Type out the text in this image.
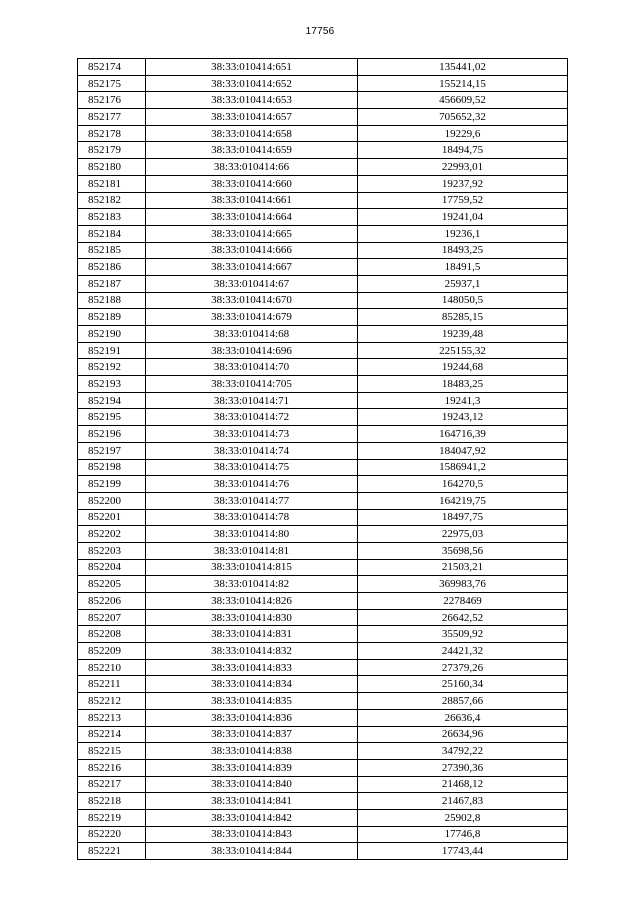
17756
852174	38:33:010414:651	135441,02
852175	38:33:010414:652	155214,15
852176	38:33:010414:653	456609,52
852177	38:33:010414:657	705652,32
852178	38:33:010414:658	19229,6
852179	38:33:010414:659	18494,75
852180	38:33:010414:66	22993,01
852181	38:33:010414:660	19237,92
852182	38:33:010414:661	17759,52
852183	38:33:010414:664	19241,04
852184	38:33:010414:665	19236,1
852185	38:33:010414:666	18493,25
852186	38:33:010414:667	18491,5
852187	38:33:010414:67	25937,1
852188	38:33:010414:670	148050,5
852189	38:33:010414:679	85285,15
852190	38:33:010414:68	19239,48
852191	38:33:010414:696	225155,32
852192	38:33:010414:70	19244,68
852193	38:33:010414:705	18483,25
852194	38:33:010414:71	19241,3
852195	38:33:010414:72	19243,12
852196	38:33:010414:73	164716,39
852197	38:33:010414:74	184047,92
852198	38:33:010414:75	1586941,2
852199	38:33:010414:76	164270,5
852200	38:33:010414:77	164219,75
852201	38:33:010414:78	18497,75
852202	38:33:010414:80	22975,03
852203	38:33:010414:81	35698,56
852204	38:33:010414:815	21503,21
852205	38:33:010414:82	369983,76
852206	38:33:010414:826	2278469
852207	38:33:010414:830	26642,52
852208	38:33:010414:831	35509,92
852209	38:33:010414:832	24421,32
852210	38:33:010414:833	27379,26
852211	38:33:010414:834	25160,34
852212	38:33:010414:835	28857,66
852213	38:33:010414:836	26636,4
852214	38:33:010414:837	26634,96
852215	38:33:010414:838	34792,22
852216	38:33:010414:839	27390,36
852217	38:33:010414:840	21468,12
852218	38:33:010414:841	21467,83
852219	38:33:010414:842	25902,8
852220	38:33:010414:843	17746,8
852221	38:33:010414:844	17743,44
